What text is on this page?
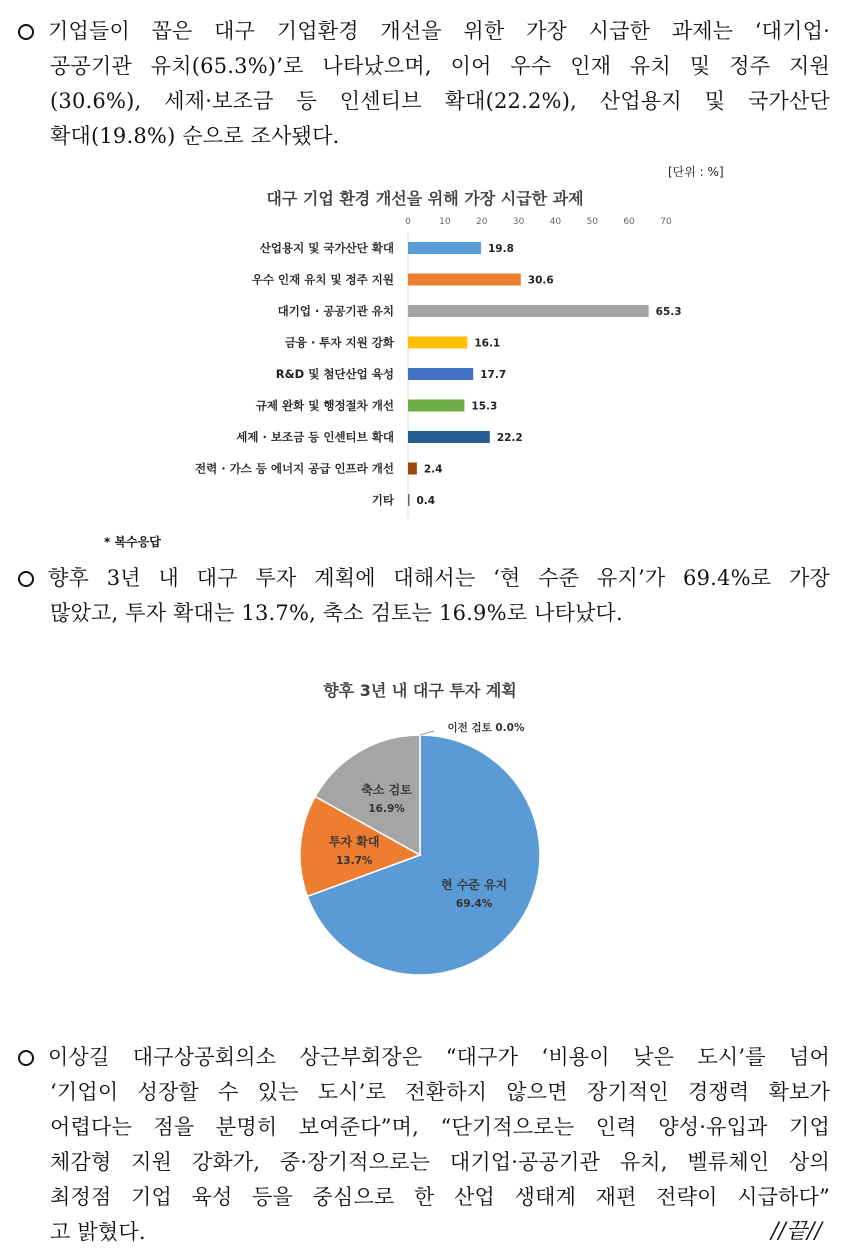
기업들이 꼽은 대구 기업환경 개선을 위한 가장 시급한 과제는 ‘대기업·
공공기관 유치(65.3%)’로 나타났으며, 이어 우수 인재 유치 및 정주 지원
(30.6%), 세제·보조금 등 인센티브 확대(22.2%), 산업용지 및 국가산단
확대(19.8%) 순으로 조사됐다.
[단위 : %]
대구 기업 환경 개선을 위해 가장 시급한 과제
0	10	20	30	40	50	60	70
산업용지 및 국가산단 확대	19.8
우수 인재 유치 및 정주 지원	30.6
대기업 · 공공기관 유치	65.3
금융 · 투자 지원 강화	16.1
R&D 및 첨단산업 육성	17.7
규제 완화 및 행정절차 개선	15.3
세제 · 보조금 등 인센티브 확대	22.2
전력 · 가스 등 에너지 공급 인프라 개선	2.4
기타 0.4
* 복수응답
향후 3년 내 대구 투자 계획에 대해서는 ‘현 수준 유지’가 69.4%로 가장
많았고, 투자 확대는 13.7%, 축소 검토는 16.9%로 나타났다.
향후 3년 내 대구 투자 계획
현 수준 유지
69.4%
투자 확대
13.7%
축소 검토
16.9%
이전 검토 0.0%
이상길 대구상공회의소 상근부회장은 “대구가 ‘비용이 낮은 도시’를 넘어
‘기업이 성장할 수 있는 도시’로 전환하지 않으면 장기적인 경쟁력 확보가
어렵다는 점을 분명히 보여준다”며, “단기적으로는 인력 양성·유입과 기업
체감형 지원 강화가, 중·장기적으로는 대기업·공공기관 유치, 벨류체인 상의
최정점 기업 육성 등을 중심으로 한 산업 생태계 재편 전략이 시급하다”
고 밝혔다.	//끝//
